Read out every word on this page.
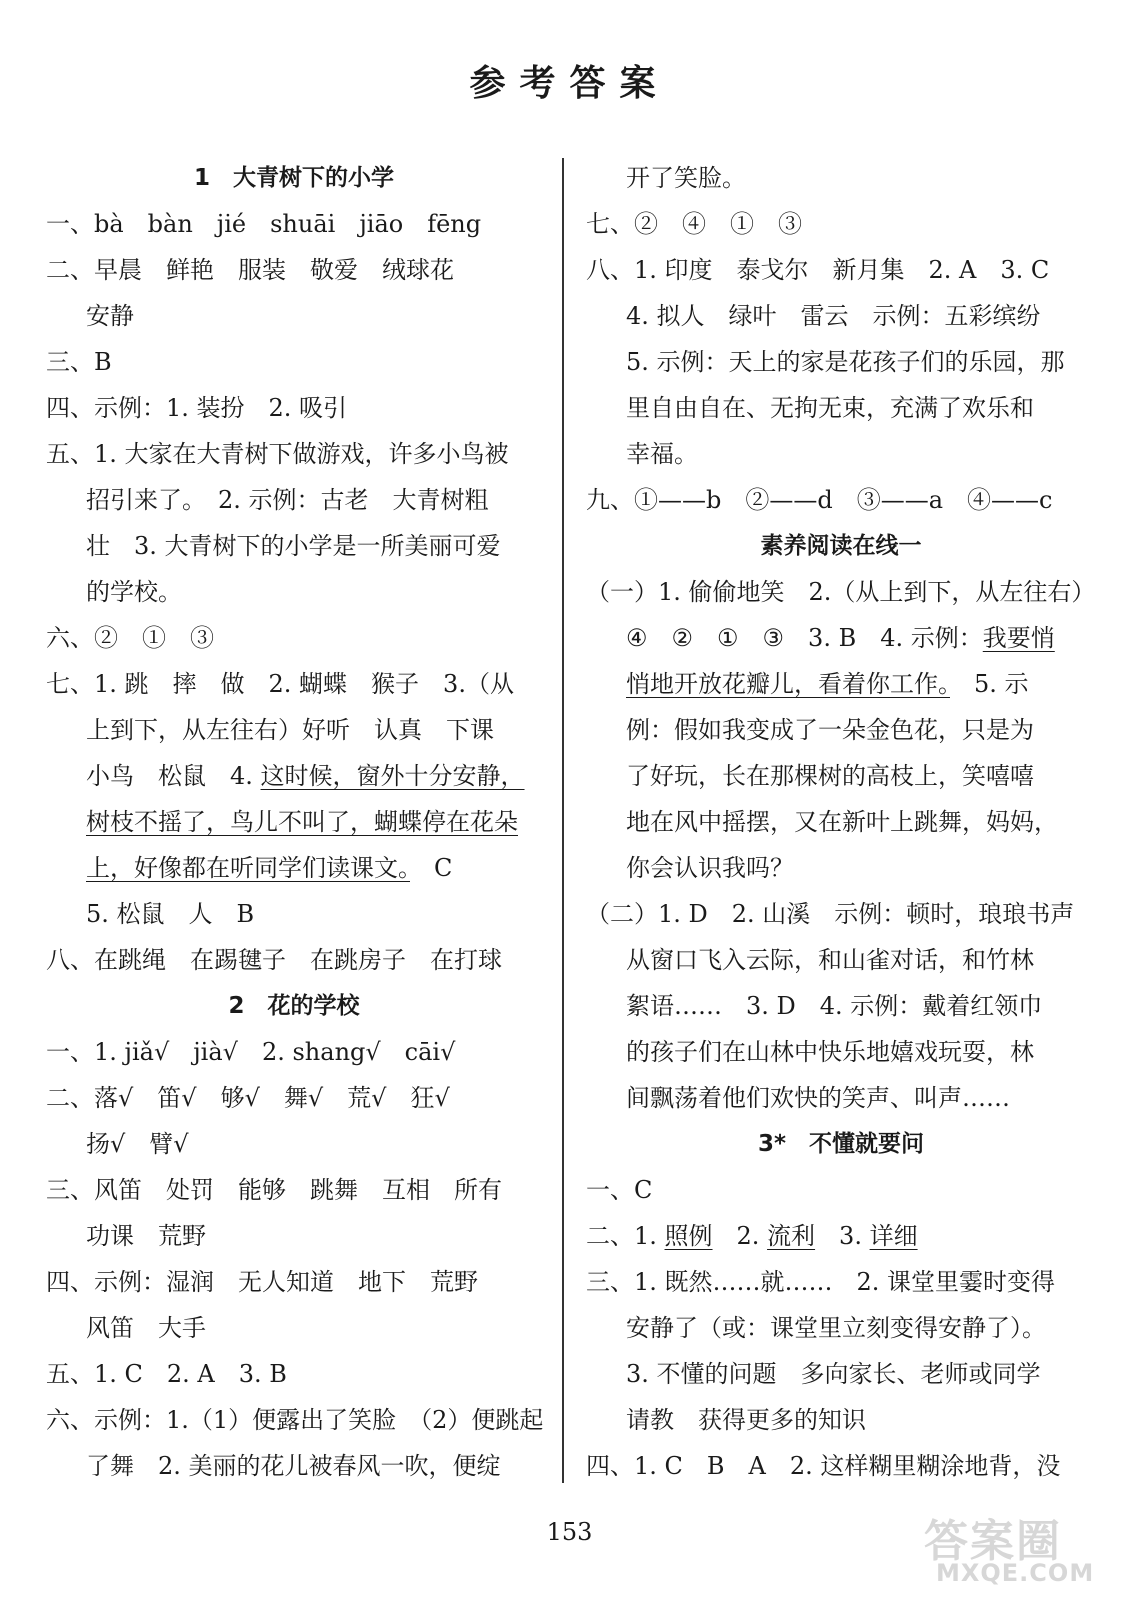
参考答案
1　大青树下的小学
一、bà　bàn　jié　shuāi　jiāo　fēng
二、早晨　鲜艳　服装　敬爱　绒球花
安静
三、B
四、示例：1. 装扮　2. 吸引
五、1. 大家在大青树下做游戏，许多小鸟被
招引来了。　2. 示例：古老　大青树粗
壮　3. 大青树下的小学是一所美丽可爱
的学校。
六、②　①　③
七、1. 跳　摔　做　2. 蝴蝶　猴子　3.（从
上到下，从左往右）好听　认真　下课
小鸟　松鼠　4. 这时候，窗外十分安静，
树枝不摇了，鸟儿不叫了，蝴蝶停在花朵
上，好像都在听同学们读课文。　C
5. 松鼠　人　B
八、在跳绳　在踢毽子　在跳房子　在打球
2　花的学校
一、1. jiǎ√　jià√　2. shang√　cāi√
二、落√　笛√　够√　舞√　荒√　狂√
扬√　臂√
三、风笛　处罚　能够　跳舞　互相　所有
功课　荒野
四、示例：湿润　无人知道　地下　荒野
风笛　大手
五、1. C　2. A　3. B
六、示例：1.（1）便露出了笑脸　（2）便跳起
了舞　2. 美丽的花儿被春风一吹，便绽
开了笑脸。
七、②　④　①　③
八、1. 印度　泰戈尔　新月集　2. A　3. C
4. 拟人　绿叶　雷云　示例：五彩缤纷
5. 示例：天上的家是花孩子们的乐园，那
里自由自在、无拘无束，充满了欢乐和
幸福。
九、①——b　②——d　③——a　④——c
素养阅读在线一
（一）1. 偷偷地笑　2.（从上到下，从左往右）
④　②　①　③　3. B　4. 示例：我要悄
悄地开放花瓣儿，看着你工作。　5. 示
例：假如我变成了一朵金色花，只是为
了好玩，长在那棵树的高枝上，笑嘻嘻
地在风中摇摆，又在新叶上跳舞，妈妈，
你会认识我吗？
（二）1. D　2. 山溪　示例：顿时，琅琅书声
从窗口飞入云际，和山雀对话，和竹林
絮语……　3. D　4. 示例：戴着红领巾
的孩子们在山林中快乐地嬉戏玩耍，林
间飘荡着他们欢快的笑声、叫声……
3*　不懂就要问
一、C
二、1. 照例　2. 流利　3. 详细
三、1. 既然……就……　2. 课堂里霎时变得
安静了（或：课堂里立刻变得安静了）。
3. 不懂的问题　多向家长、老师或同学
请教　获得更多的知识
四、1. C　B　A　2. 这样糊里糊涂地背，没
153	答案圈
MXQE.COM
